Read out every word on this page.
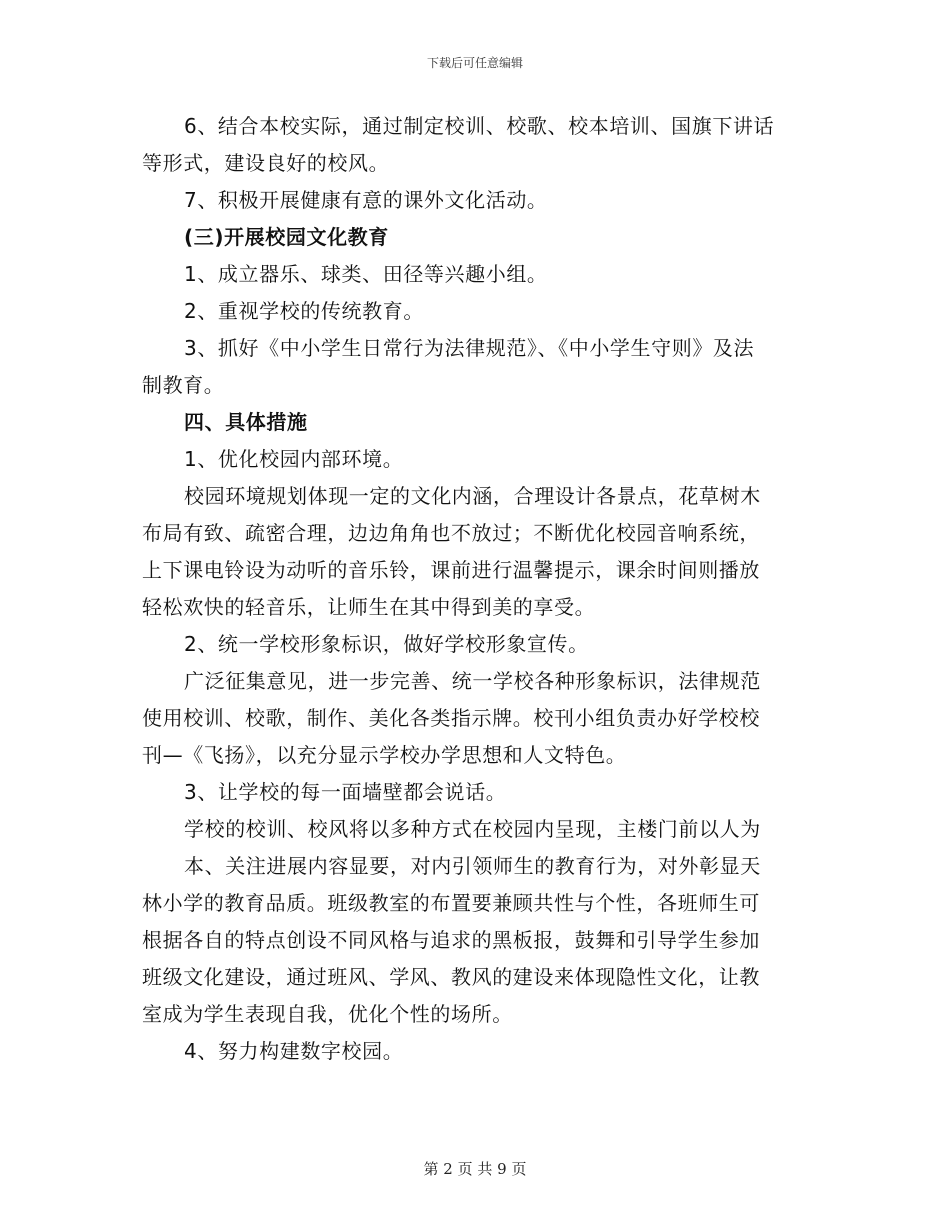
下载后可任意编辑
6、结合本校实际，通过制定校训、校歌、校本培训、国旗下讲话
等形式，建设良好的校风。
7、积极开展健康有意的课外文化活动。
(三)开展校园文化教育
1、成立器乐、球类、田径等兴趣小组。
2、重视学校的传统教育。
3、抓好《中小学生日常行为法律规范》、《中小学生守则》及法
制教育。
四、具体措施
1、优化校园内部环境。
校园环境规划体现一定的文化内涵，合理设计各景点，花草树木
布局有致、疏密合理，边边角角也不放过；不断优化校园音响系统，
上下课电铃设为动听的音乐铃，课前进行温馨提示，课余时间则播放
轻松欢快的轻音乐，让师生在其中得到美的享受。
2、统一学校形象标识，做好学校形象宣传。
广泛征集意见，进一步完善、统一学校各种形象标识，法律规范
使用校训、校歌，制作、美化各类指示牌。校刊小组负责办好学校校
刊—《飞扬》，以充分显示学校办学思想和人文特色。
3、让学校的每一面墙壁都会说话。
学校的校训、校风将以多种方式在校园内呈现，主楼门前以人为
本、关注进展内容显要，对内引领师生的教育行为，对外彰显天
林小学的教育品质。班级教室的布置要兼顾共性与个性，各班师生可
根据各自的特点创设不同风格与追求的黑板报，鼓舞和引导学生参加
班级文化建设，通过班风、学风、教风的建设来体现隐性文化，让教
室成为学生表现自我，优化个性的场所。
4、努力构建数字校园。
第 2 页 共 9 页
